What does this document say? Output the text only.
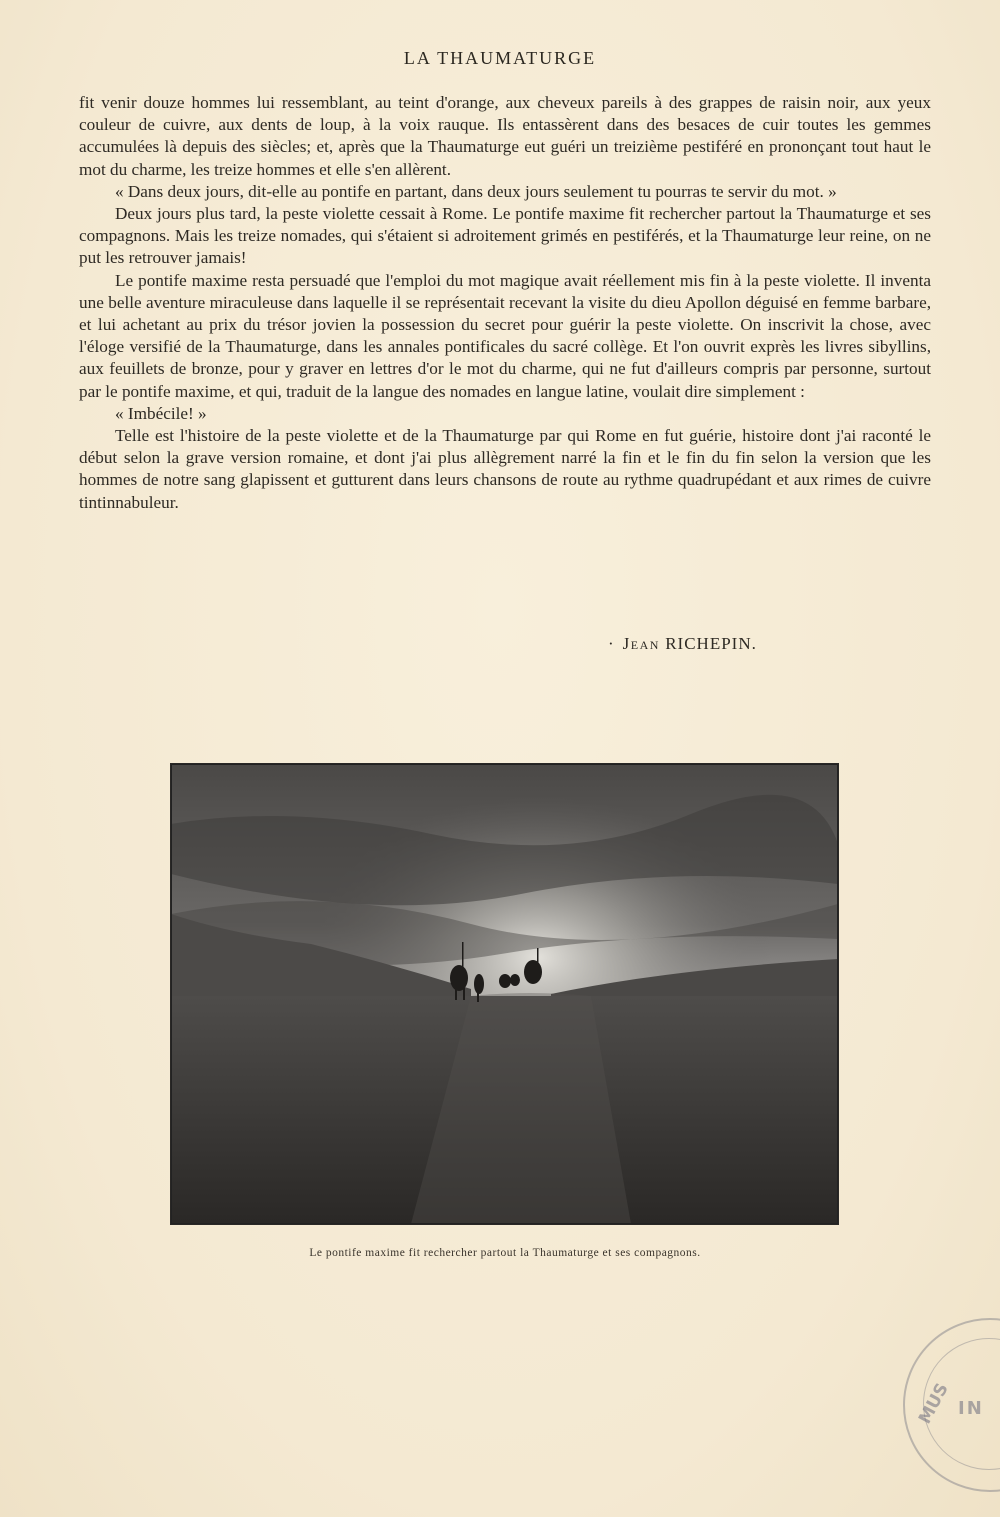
LA THAUMATURGE

fit venir douze hommes lui ressemblant, au teint d'orange, aux cheveux pareils à des grappes de raisin noir, aux yeux couleur de cuivre, aux dents de loup, à la voix rauque. Ils entassèrent dans des besaces de cuir toutes les gemmes accumulées là depuis des siècles; et, après que la Thaumaturge eut guéri un treizième pestiféré en prononçant tout haut le mot du charme, les treize hommes et elle s'en allèrent.

« Dans deux jours, dit-elle au pontife en partant, dans deux jours seulement tu pourras te servir du mot. »

Deux jours plus tard, la peste violette cessait à Rome. Le pontife maxime fit rechercher partout la Thaumaturge et ses compagnons. Mais les treize nomades, qui s'étaient si adroitement grimés en pestiférés, et la Thaumaturge leur reine, on ne put les retrouver jamais!

Le pontife maxime resta persuadé que l'emploi du mot magique avait réellement mis fin à la peste violette. Il inventa une belle aventure miraculeuse dans laquelle il se représentait recevant la visite du dieu Apollon déguisé en femme barbare, et lui achetant au prix du trésor jovien la possession du secret pour guérir la peste violette. On inscrivit la chose, avec l'éloge versifié de la Thaumaturge, dans les annales pontificales du sacré collège. Et l'on ouvrit exprès les livres sibyllins, aux feuillets de bronze, pour y graver en lettres d'or le mot du charme, qui ne fut d'ailleurs compris par personne, surtout par le pontife maxime, et qui, traduit de la langue des nomades en langue latine, voulait dire simplement :

« Imbécile! »

Telle est l'histoire de la peste violette et de la Thaumaturge par qui Rome en fut guérie, histoire dont j'ai raconté le début selon la grave version romaine, et dont j'ai plus allègrement narré la fin et le fin du fin selon la version que les hommes de notre sang glapissent et gutturent dans leurs chansons de route au rythme quadrupédant et aux rimes de cuivre tintinnabuleur.

· Jean RICHEPIN.
Le pontife maxime fit rechercher partout la Thaumaturge et ses compagnons.
IN
MUS
